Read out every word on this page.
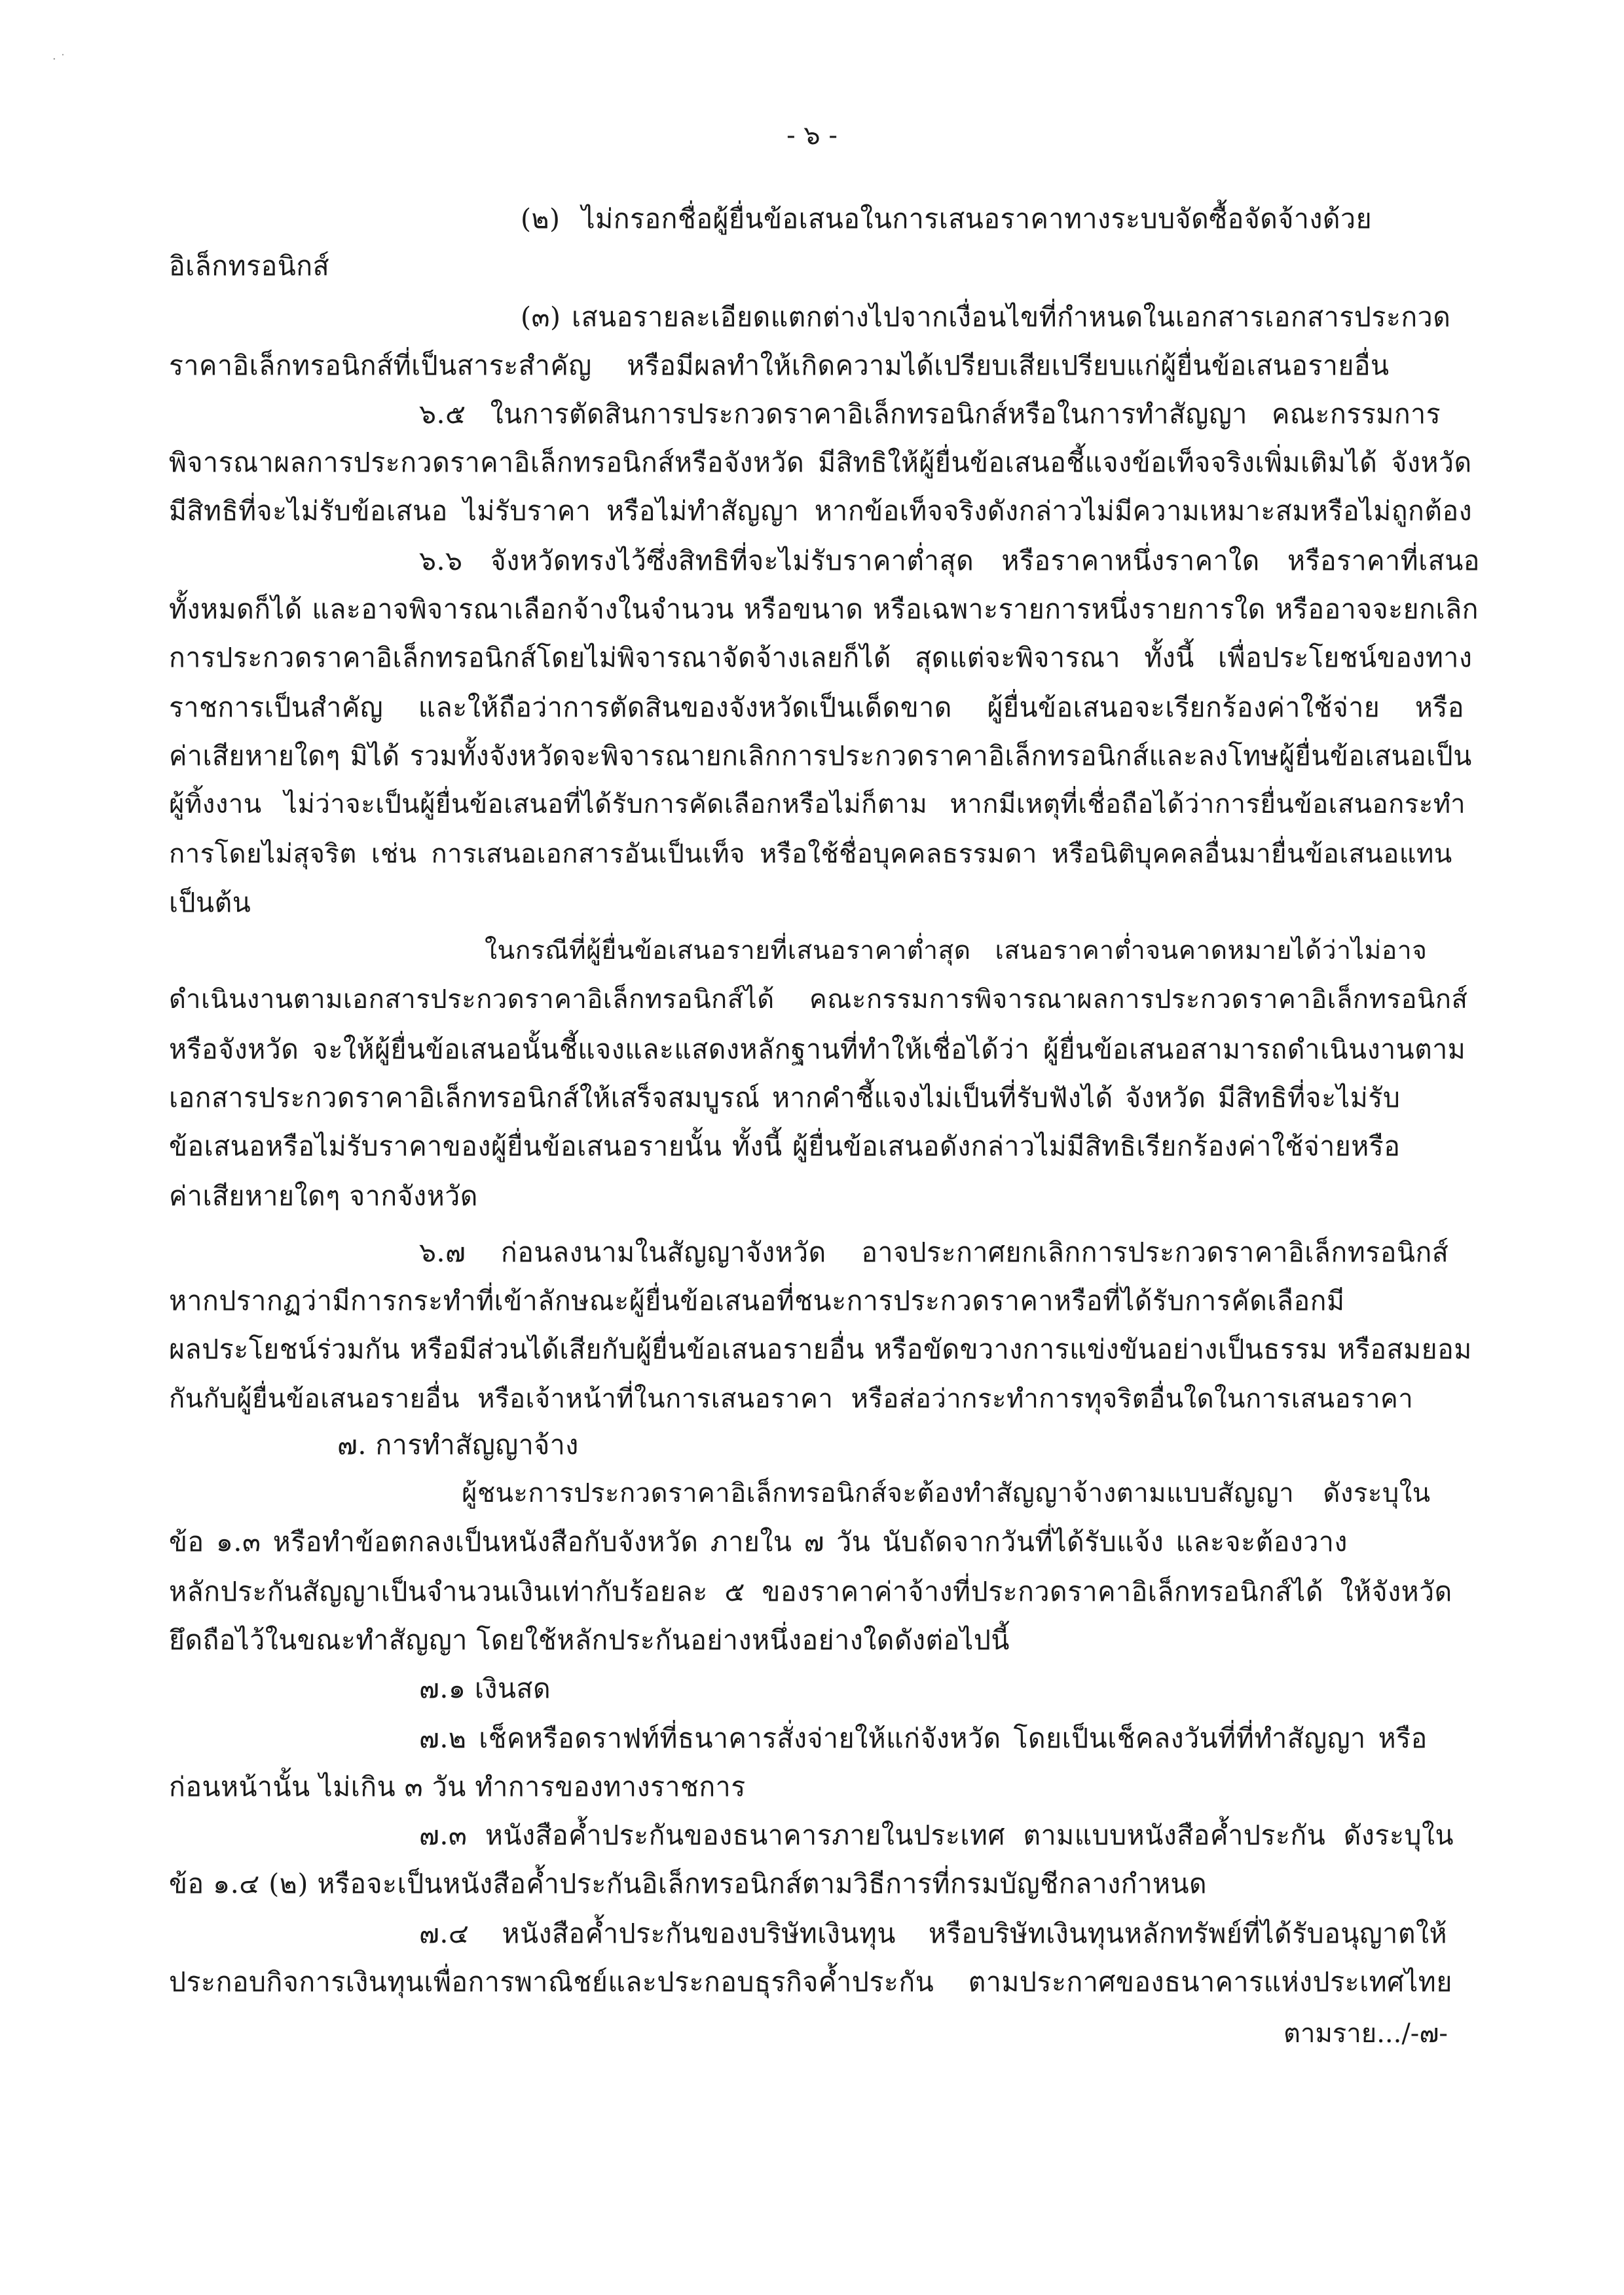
· ˙
- ๖ -
(๒) ไม่กรอกชื่อผู้ยื่นข้อเสนอในการเสนอราคาทางระบบจัดซื้อจัดจ้างด้วย
อิเล็กทรอนิกส์
(๓) เสนอรายละเอียดแตกต่างไปจากเงื่อนไขที่กำหนดในเอกสารเอกสารประกวด
ราคาอิเล็กทรอนิกส์ที่เป็นสาระสำคัญ หรือมีผลทำให้เกิดความได้เปรียบเสียเปรียบแก่ผู้ยื่นข้อเสนอรายอื่น
๖.๕ ในการตัดสินการประกวดราคาอิเล็กทรอนิกส์หรือในการทำสัญญา คณะกรรมการ
พิจารณาผลการประกวดราคาอิเล็กทรอนิกส์หรือจังหวัด มีสิทธิให้ผู้ยื่นข้อเสนอชี้แจงข้อเท็จจริงเพิ่มเติมได้ จังหวัด
มีสิทธิที่จะไม่รับข้อเสนอ ไม่รับราคา หรือไม่ทำสัญญา หากข้อเท็จจริงดังกล่าวไม่มีความเหมาะสมหรือไม่ถูกต้อง
๖.๖ จังหวัดทรงไว้ซึ่งสิทธิที่จะไม่รับราคาต่ำสุด หรือราคาหนึ่งราคาใด หรือราคาที่เสนอ
ทั้งหมดก็ได้ และอาจพิจารณาเลือกจ้างในจำนวน หรือขนาด หรือเฉพาะรายการหนึ่งรายการใด หรืออาจจะยกเลิก
การประกวดราคาอิเล็กทรอนิกส์โดยไม่พิจารณาจัดจ้างเลยก็ได้ สุดแต่จะพิจารณา ทั้งนี้ เพื่อประโยชน์ของทาง
ราชการเป็นสำคัญ และให้ถือว่าการตัดสินของจังหวัดเป็นเด็ดขาด ผู้ยื่นข้อเสนอจะเรียกร้องค่าใช้จ่าย หรือ
ค่าเสียหายใดๆ มิได้ รวมทั้งจังหวัดจะพิจารณายกเลิกการประกวดราคาอิเล็กทรอนิกส์และลงโทษผู้ยื่นข้อเสนอเป็น
ผู้ทิ้งงาน ไม่ว่าจะเป็นผู้ยื่นข้อเสนอที่ได้รับการคัดเลือกหรือไม่ก็ตาม หากมีเหตุที่เชื่อถือได้ว่าการยื่นข้อเสนอกระทำ
การโดยไม่สุจริต เช่น การเสนอเอกสารอันเป็นเท็จ หรือใช้ชื่อบุคคลธรรมดา หรือนิติบุคคลอื่นมายื่นข้อเสนอแทน
เป็นต้น
ในกรณีที่ผู้ยื่นข้อเสนอรายที่เสนอราคาต่ำสุด เสนอราคาต่ำจนคาดหมายได้ว่าไม่อาจ
ดำเนินงานตามเอกสารประกวดราคาอิเล็กทรอนิกส์ได้ คณะกรรมการพิจารณาผลการประกวดราคาอิเล็กทรอนิกส์
หรือจังหวัด จะให้ผู้ยื่นข้อเสนอนั้นชี้แจงและแสดงหลักฐานที่ทำให้เชื่อได้ว่า ผู้ยื่นข้อเสนอสามารถดำเนินงานตาม
เอกสารประกวดราคาอิเล็กทรอนิกส์ให้เสร็จสมบูรณ์ หากคำชี้แจงไม่เป็นที่รับฟังได้ จังหวัด มีสิทธิที่จะไม่รับ
ข้อเสนอหรือไม่รับราคาของผู้ยื่นข้อเสนอรายนั้น ทั้งนี้ ผู้ยื่นข้อเสนอดังกล่าวไม่มีสิทธิเรียกร้องค่าใช้จ่ายหรือ
ค่าเสียหายใดๆ จากจังหวัด
๖.๗ ก่อนลงนามในสัญญาจังหวัด อาจประกาศยกเลิกการประกวดราคาอิเล็กทรอนิกส์
หากปรากฏว่ามีการกระทำที่เข้าลักษณะผู้ยื่นข้อเสนอที่ชนะการประกวดราคาหรือที่ได้รับการคัดเลือกมี
ผลประโยชน์ร่วมกัน หรือมีส่วนได้เสียกับผู้ยื่นข้อเสนอรายอื่น หรือขัดขวางการแข่งขันอย่างเป็นธรรม หรือสมยอม
กันกับผู้ยื่นข้อเสนอรายอื่น หรือเจ้าหน้าที่ในการเสนอราคา หรือส่อว่ากระทำการทุจริตอื่นใดในการเสนอราคา
๗. การทำสัญญาจ้าง
ผู้ชนะการประกวดราคาอิเล็กทรอนิกส์จะต้องทำสัญญาจ้างตามแบบสัญญา ดังระบุใน
ข้อ ๑.๓ หรือทำข้อตกลงเป็นหนังสือกับจังหวัด ภายใน ๗ วัน นับถัดจากวันที่ได้รับแจ้ง และจะต้องวาง
หลักประกันสัญญาเป็นจำนวนเงินเท่ากับร้อยละ ๕ ของราคาค่าจ้างที่ประกวดราคาอิเล็กทรอนิกส์ได้ ให้จังหวัด
ยึดถือไว้ในขณะทำสัญญา โดยใช้หลักประกันอย่างหนึ่งอย่างใดดังต่อไปนี้
๗.๑ เงินสด
๗.๒ เช็คหรือดราฟท์ที่ธนาคารสั่งจ่ายให้แก่จังหวัด โดยเป็นเช็คลงวันที่ที่ทำสัญญา หรือ
ก่อนหน้านั้น ไม่เกิน ๓ วัน ทำการของทางราชการ
๗.๓ หนังสือค้ำประกันของธนาคารภายในประเทศ ตามแบบหนังสือค้ำประกัน ดังระบุใน
ข้อ ๑.๔ (๒) หรือจะเป็นหนังสือค้ำประกันอิเล็กทรอนิกส์ตามวิธีการที่กรมบัญชีกลางกำหนด
๗.๔ หนังสือค้ำประกันของบริษัทเงินทุน หรือบริษัทเงินทุนหลักทรัพย์ที่ได้รับอนุญาตให้
ประกอบกิจการเงินทุนเพื่อการพาณิชย์และประกอบธุรกิจค้ำประกัน ตามประกาศของธนาคารแห่งประเทศไทย
ตามราย.../-๗-
